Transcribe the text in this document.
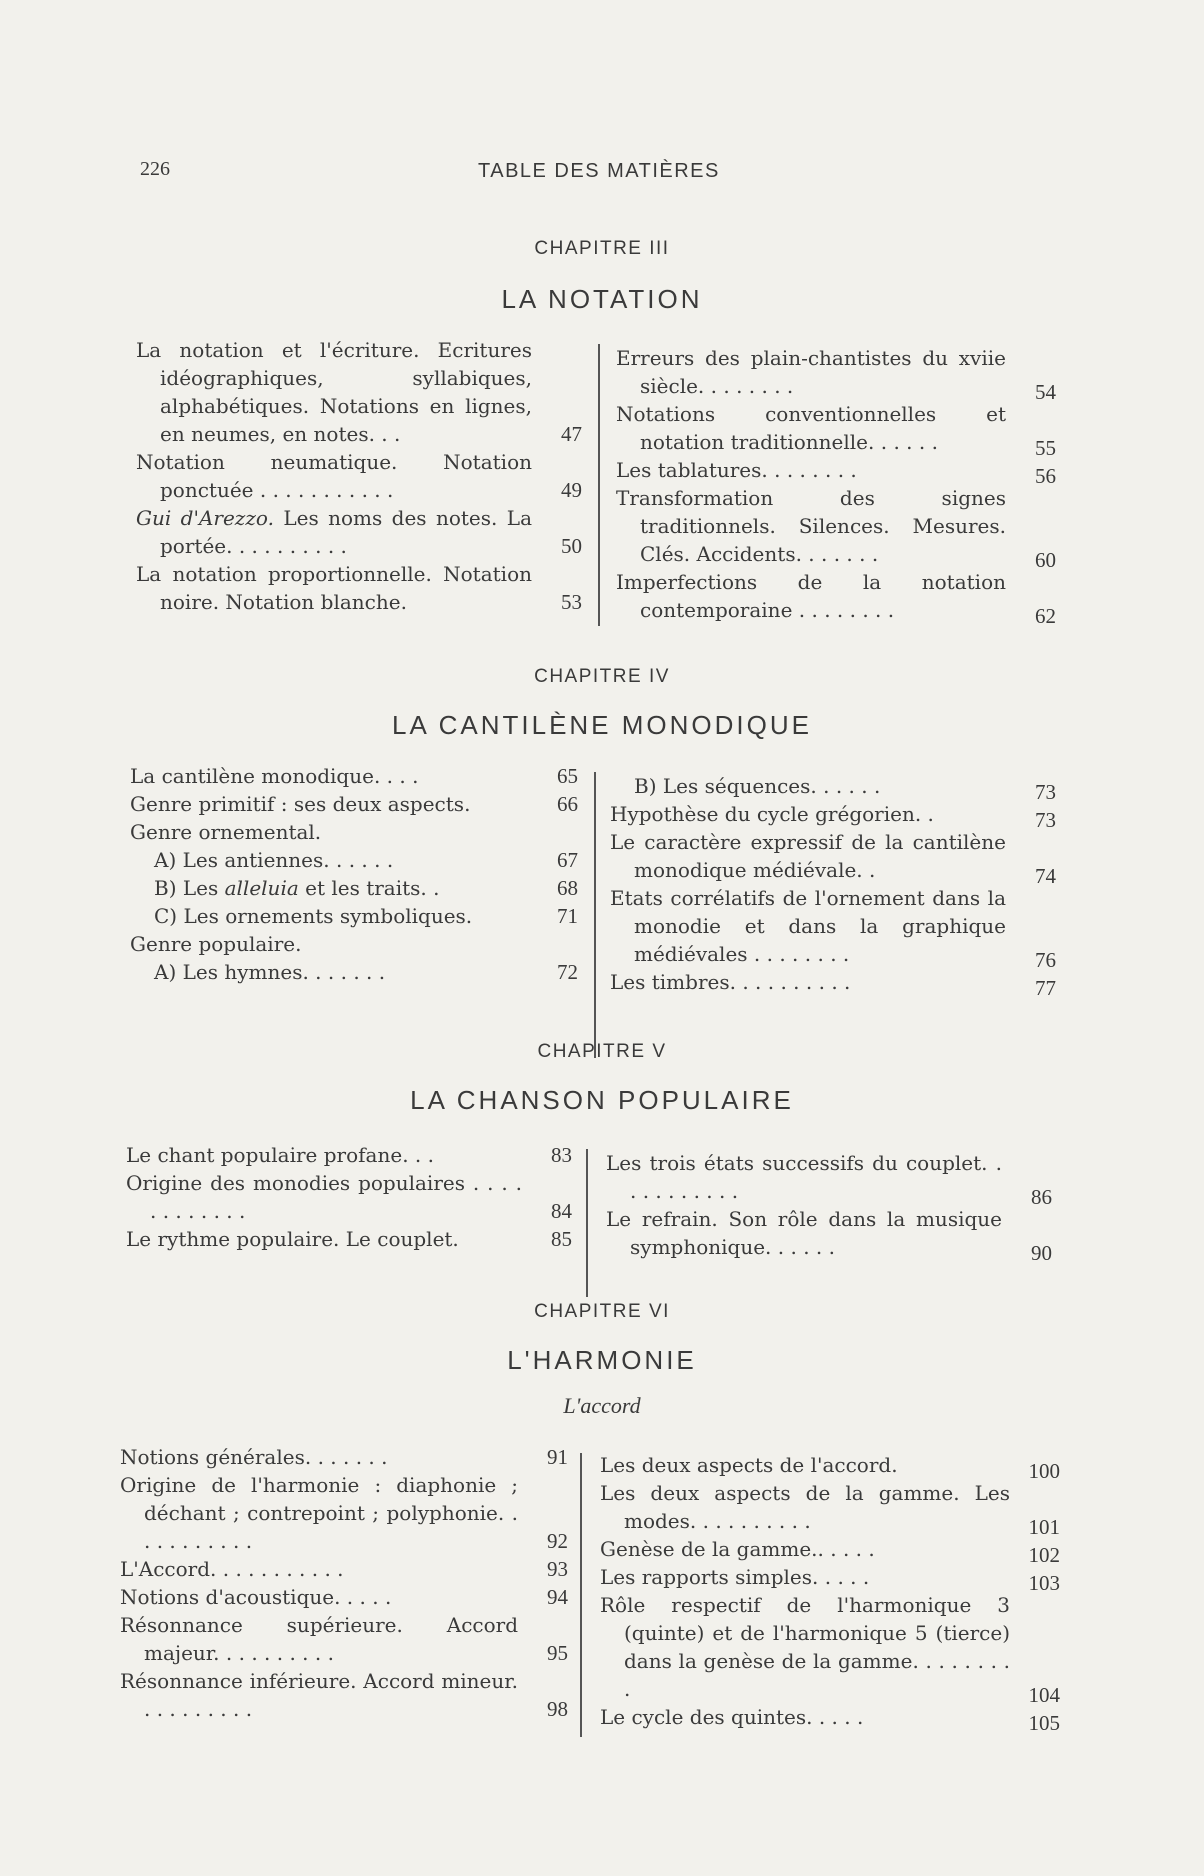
226	TABLE DES MATIÈRES
CHAPITRE III
LA NOTATION
La notation et l'écriture. Ecritures idéographiques, syllabiques, alphabétiques. Notations en lignes, en neumes, en notes. . .	47
Notation neumatique. Notation ponctuée . . . . . . . . . . .	49
Gui d'Arezzo. Les noms des notes. La portée. . . . . . . . . .	50
La notation proportionnelle. Notation noire. Notation blanche.	53
Erreurs des plain-chantistes du xviie siècle. . . . . . . .	54
Notations conventionnelles et notation traditionnelle. . . . . .	55
Les tablatures. . . . . . . .	56
Transformation des signes traditionnels. Silences. Mesures. Clés. Accidents. . . . . . .	60
Imperfections de la notation contemporaine . . . . . . . .	62
CHAPITRE IV
LA CANTILÈNE MONODIQUE
La cantilène monodique. . . .	65
Genre primitif : ses deux aspects.	66
Genre ornemental.
A) Les antiennes. . . . . .	67
B) Les alleluia et les traits. .	68
C) Les ornements symboliques.	71
Genre populaire.
A) Les hymnes. . . . . . .	72
B) Les séquences. . . . . .	73
Hypothèse du cycle grégorien. .	73
Le caractère expressif de la cantilène monodique médiévale. .	74
Etats corrélatifs de l'ornement dans la monodie et dans la graphique médiévales . . . . . . . .	76
Les timbres. . . . . . . . . .	77
CHAPITRE V
LA CHANSON POPULAIRE
Le chant populaire profane. . .	83
Origine des monodies populaires . . . . . . . . . . . .	84
Le rythme populaire. Le couplet.	85
Les trois états successifs du couplet. . . . . . . . . . .	86
Le refrain. Son rôle dans la musique symphonique. . . . . .	90
CHAPITRE VI
L'HARMONIE
L'accord
Notions générales. . . . . . .	91
Origine de l'harmonie : diaphonie ; déchant ; contrepoint ; polyphonie. . . . . . . . . . .	92
L'Accord. . . . . . . . . . .	93
Notions d'acoustique. . . . .	94
Résonnance supérieure. Accord majeur. . . . . . . . . .	95
Résonnance inférieure. Accord mineur. . . . . . . . . .	98
Les deux aspects de l'accord.	100
Les deux aspects de la gamme. Les modes. . . . . . . . . .	101
Genèse de la gamme.. . . . .	102
Les rapports simples. . . . .	103
Rôle respectif de l'harmonique 3 (quinte) et de l'harmonique 5 (tierce) dans la genèse de la gamme. . . . . . . . .	104
Le cycle des quintes. . . . .	105
